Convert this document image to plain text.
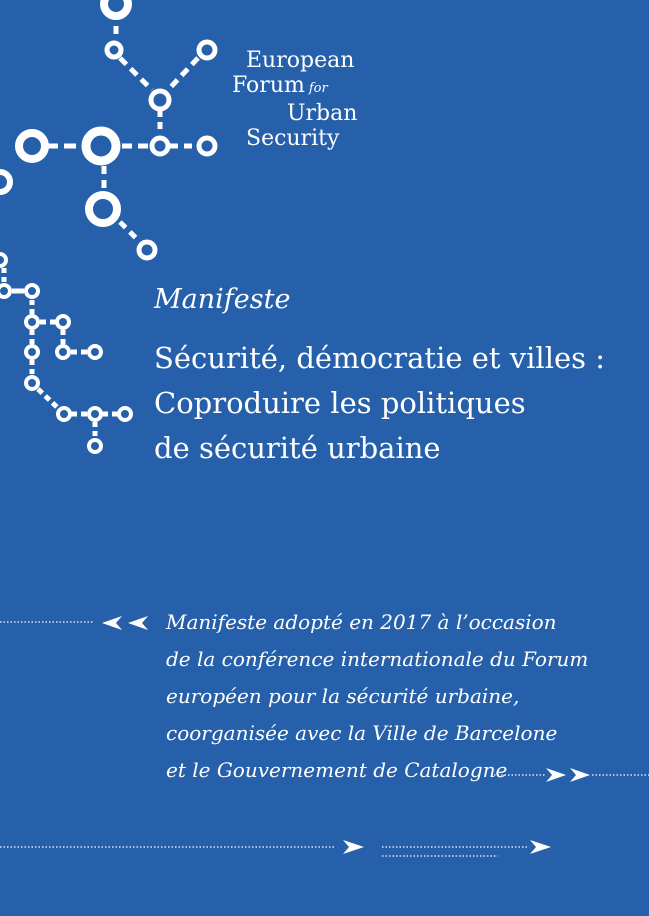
European
Forum for
Urban
Security
Manifeste
Sécurité, démocratie et villes :
Coproduire les politiques
de sécurité urbaine
Manifeste adopté en 2017 à l’occasion
de la conférence internationale du Forum
européen pour la sécurité urbaine,
coorganisée avec la Ville de Barcelone
et le Gouvernement de Catalogne
